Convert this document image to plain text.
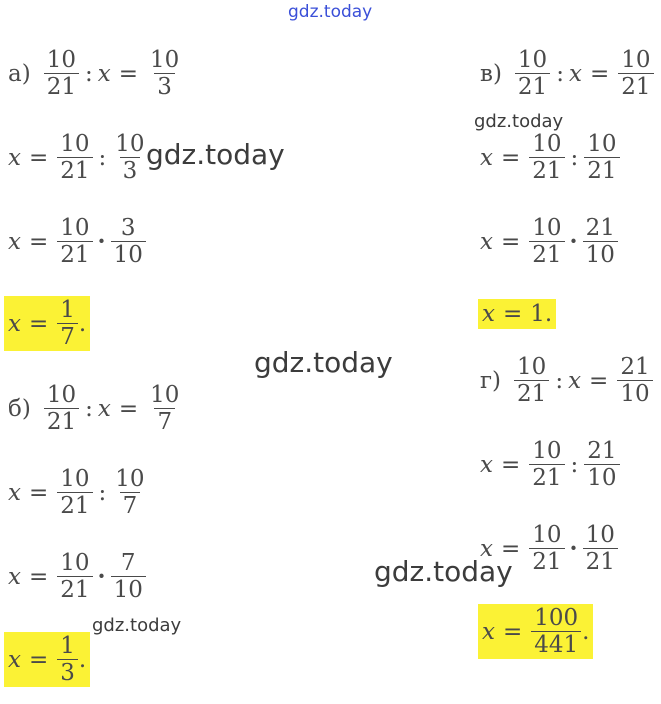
gdz.today
gdz.today
gdz.today
gdz.today
gdz.today
gdz.today
$а) \frac{10}{21}$ : $x = \frac{10}{3}$
$x = \frac{10}{21}$ : $\frac{10}{3}$
$x = \frac{10}{21} \cdot \frac{3}{10}$
$x = \frac{1}{7}$ .
$б) \frac{10}{21}$ : $x = \frac{10}{7}$
$x = \frac{10}{21}$ : $\frac{10}{7}$
$x = \frac{10}{21} \cdot \frac{7}{10}$
$x = \frac{1}{3}$ .
$в) \frac{10}{21}$ : $x = \frac{10}{21}$
$x = \frac{10}{21}$ : $\frac{10}{21}$
$x = \frac{10}{21} \cdot \frac{21}{10}$
x = 1 .
$г) \frac{10}{21}$ : $x = \frac{21}{10}$
$x = \frac{10}{21}$ : $\frac{21}{10}$
$x = \frac{10}{21} \cdot \frac{10}{21}$
$x = \frac{100}{441}$ .
